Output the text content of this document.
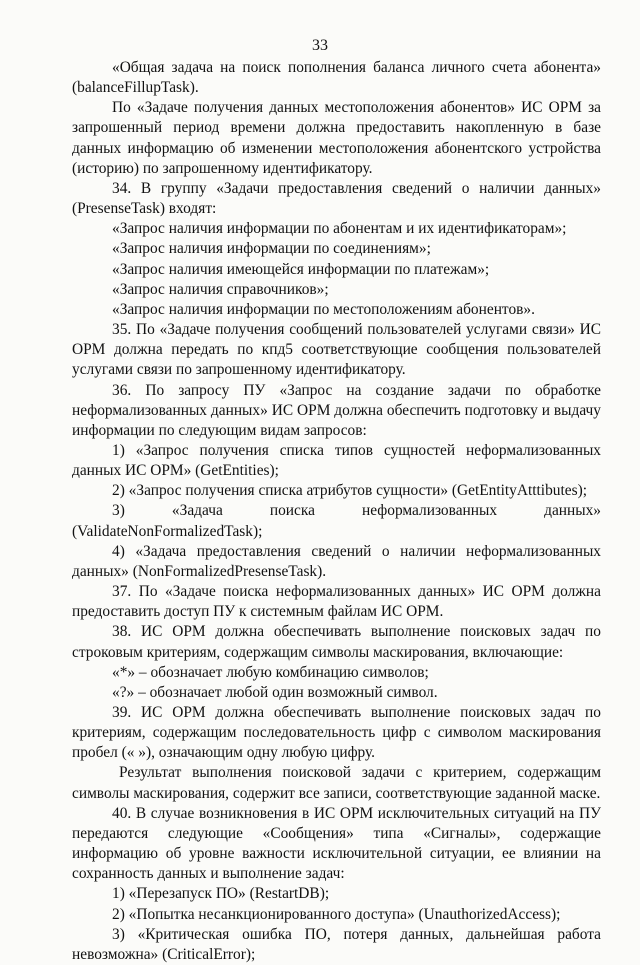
33

«Общая задача на поиск пополнения баланса личного счета абонента» (balanceFillupTask).

По «Задаче получения данных местоположения абонентов» ИС ОРМ за запрошенный период времени должна предоставить накопленную в базе данных информацию об изменении местоположения абонентского устройства (историю) по запрошенному идентификатору.

34. В группу «Задачи предоставления сведений о наличии данных» (PresenseTask) входят:

«Запрос наличия информации по абонентам и их идентификаторам»;

«Запрос наличия информации по соединениям»;

«Запрос наличия имеющейся информации по платежам»;

«Запрос наличия справочников»;

«Запрос наличия информации по местоположениям абонентов».

35. По «Задаче получения сообщений пользователей услугами связи» ИС ОРМ должна передать по кпд5 соответствующие сообщения пользователей услугами связи по запрошенному идентификатору.

36. По запросу ПУ «Запрос на создание задачи по обработке неформализованных данных» ИС ОРМ должна обеспечить подготовку и выдачу информации по следующим видам запросов:

1) «Запрос получения списка типов сущностей неформализованных данных ИС ОРМ» (GetEntities);

2) «Запрос получения списка атрибутов сущности» (GetEntityAtttibutes);

3) «Задача поиска неформализованных данных» (ValidateNonFormalizedTask);

4) «Задача предоставления сведений о наличии неформализованных данных» (NonFormalizedPresenseTask).

37. По «Задаче поиска неформализованных данных» ИС ОРМ должна предоставить доступ ПУ к системным файлам ИС ОРМ.

38. ИС ОРМ должна обеспечивать выполнение поисковых задач по строковым критериям, содержащим символы маскирования, включающие:

«*» – обозначает любую комбинацию символов;

«?» – обозначает любой один возможный символ.

39. ИС ОРМ должна обеспечивать выполнение поисковых задач по критериям, содержащим последовательность цифр с символом маскирования пробел (« »), означающим одну любую цифру.

Результат выполнения поисковой задачи с критерием, содержащим символы маскирования, содержит все записи, соответствующие заданной маске.

40. В случае возникновения в ИС ОРМ исключительных ситуаций на ПУ передаются следующие «Сообщения» типа «Сигналы», содержащие информацию об уровне важности исключительной ситуации, ее влиянии на сохранность данных и выполнение задач:

1) «Перезапуск ПО» (RestartDB);

2) «Попытка несанкционированного доступа» (UnauthorizedAccess);

3) «Критическая ошибка ПО, потеря данных, дальнейшая работа невозможна» (CriticalError);
